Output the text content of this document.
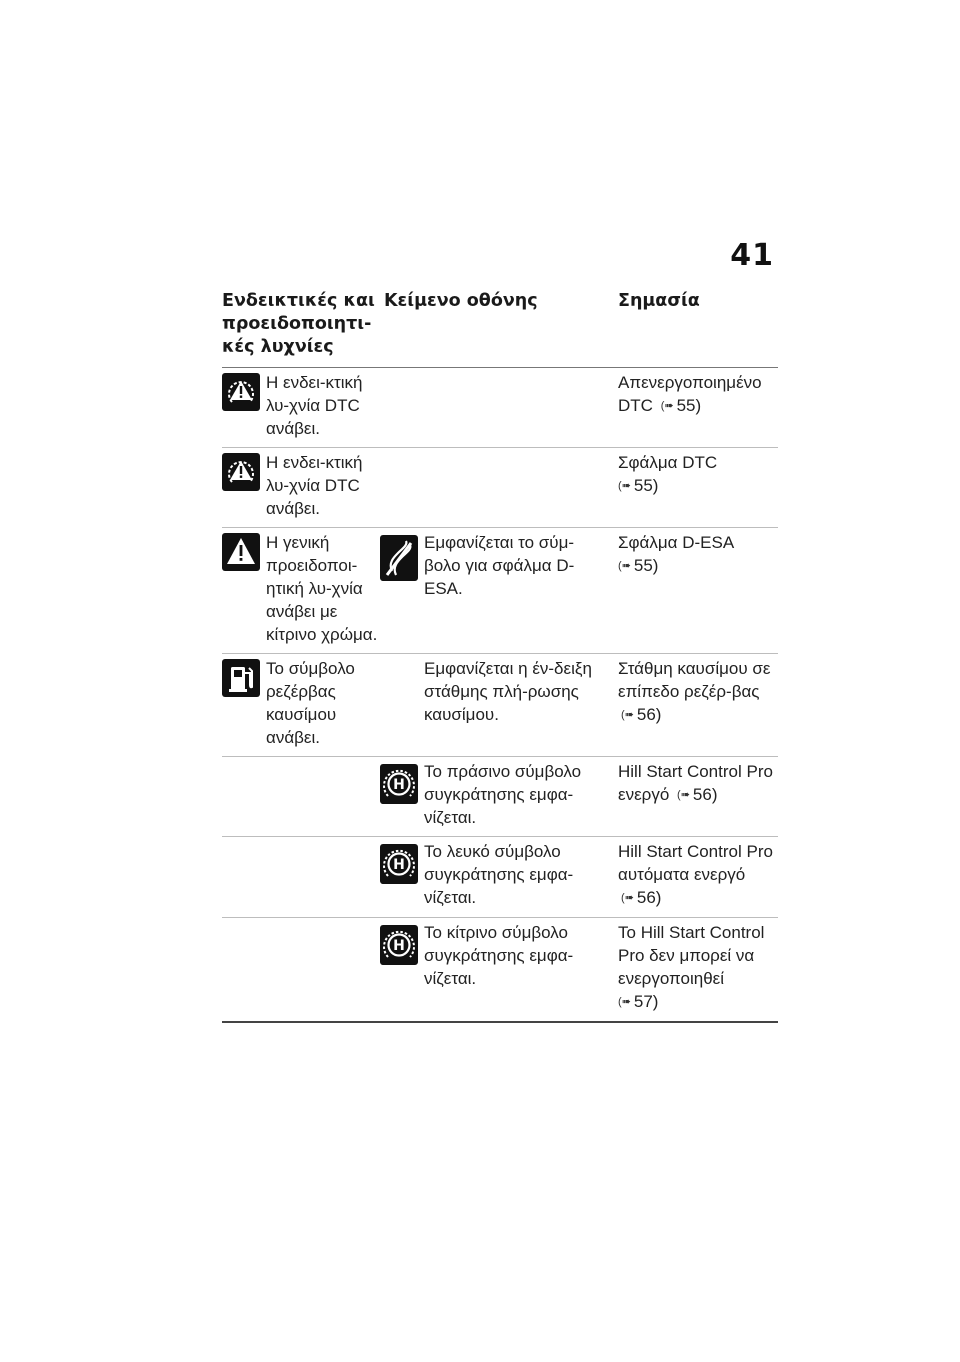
41
Ενδεικτικές και προειδοποιητι-κές λυχνίες
Κείμενο οθόνης	Σημασία
Η ενδει-κτική λυ-χνία DTC ανάβει.
Απενεργοποιημένο DTC (➠ 55)
Η ενδει-κτική λυ-χνία DTC ανάβει.
Σφάλμα DTC
(➠ 55)
Η γενική προειδοποι-ητική λυ-χνία ανάβει με κίτρινο χρώμα.
Εμφανίζεται το σύμ-βολο για σφάλμα D-ESA.
Σφάλμα D-ESA
(➠ 55)
Το σύμβολο ρεζέρβας καυσίμου ανάβει.
Εμφανίζεται η έν-δειξη στάθμης πλή-ρωσης καυσίμου.
Στάθμη καυσίμου σε επίπεδο ρεζέρ-βας (➠ 56)
H
Το πράσινο σύμβολο συγκράτησης εμφα-νίζεται.
Hill Start Control Pro ενεργό (➠ 56)
H
Το λευκό σύμβολο συγκράτησης εμφα-νίζεται.
Hill Start Control Pro αυτόματα ενεργό (➠ 56)
H
Το κίτρινο σύμβολο συγκράτησης εμφα-νίζεται.
Το Hill Start Control Pro δεν μπορεί να ενεργοποιηθεί
(➠ 57)
